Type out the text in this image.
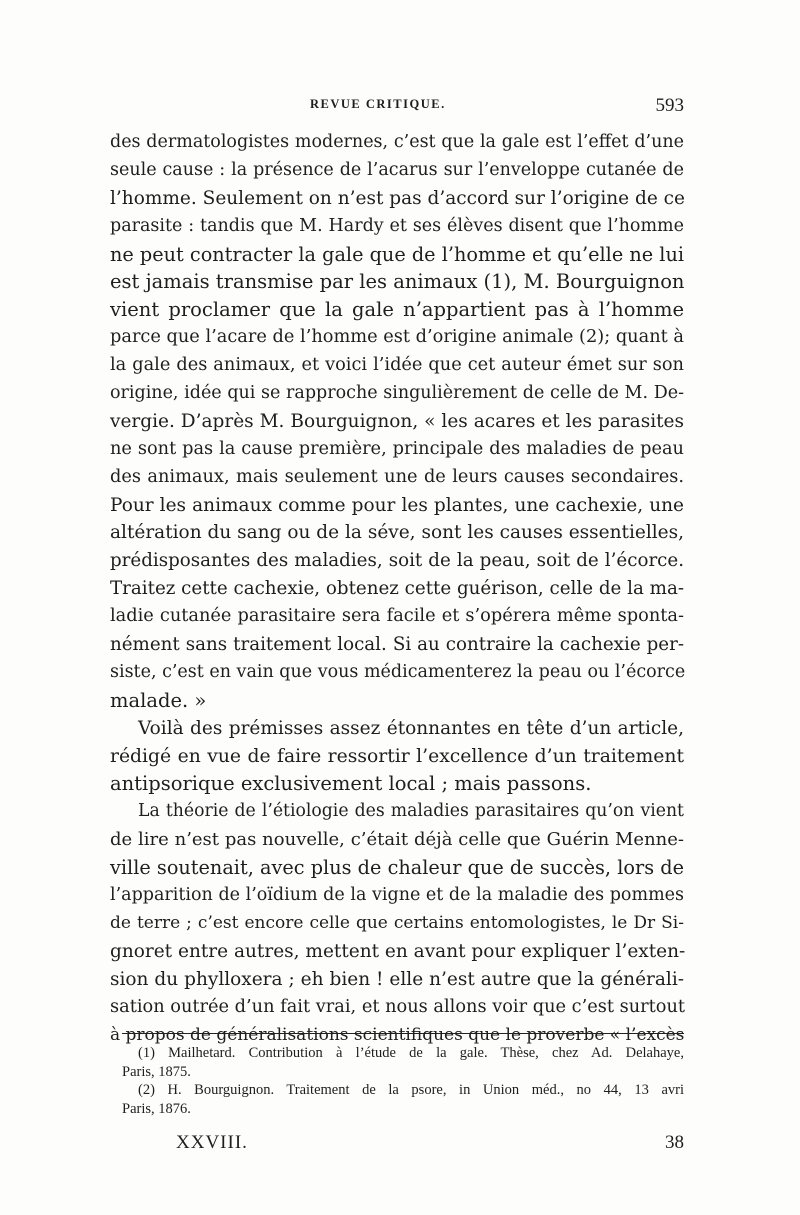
REVUE CRITIQUE.	593
des dermatologistes modernes, c’est que la gale est l’effet d’une
seule cause : la présence de l’acarus sur l’enveloppe cutanée de
l’homme. Seulement on n’est pas d’accord sur l’origine de ce
parasite : tandis que M. Hardy et ses élèves disent que l’homme
ne peut contracter la gale que de l’homme et qu’elle ne lui
est jamais transmise par les animaux (1), M. Bourguignon
vient proclamer que la gale n’appartient pas à l’homme
parce que l’acare de l’homme est d’origine animale (2); quant à
la gale des animaux, et voici l’idée que cet auteur émet sur son
origine, idée qui se rapproche singulièrement de celle de M. De-
vergie. D’après M. Bourguignon, « les acares et les parasites
ne sont pas la cause première, principale des maladies de peau
des animaux, mais seulement une de leurs causes secondaires.
Pour les animaux comme pour les plantes, une cachexie, une
altération du sang ou de la séve, sont les causes essentielles,
prédisposantes des maladies, soit de la peau, soit de l’écorce.
Traitez cette cachexie, obtenez cette guérison, celle de la ma-
ladie cutanée parasitaire sera facile et s’opérera même sponta-
nément sans traitement local. Si au contraire la cachexie per-
siste, c’est en vain que vous médicamenterez la peau ou l’écorce
malade. »
Voilà des prémisses assez étonnantes en tête d’un article,
rédigé en vue de faire ressortir l’excellence d’un traitement
antipsorique exclusivement local ; mais passons.
La théorie de l’étiologie des maladies parasitaires qu’on vient
de lire n’est pas nouvelle, c’était déjà celle que Guérin Menne-
ville soutenait, avec plus de chaleur que de succès, lors de
l’apparition de l’oïdium de la vigne et de la maladie des pommes
de terre ; c’est encore celle que certains entomologistes, le Dr Si-
gnoret entre autres, mettent en avant pour expliquer l’exten-
sion du phylloxera ; eh bien ! elle n’est autre que la générali-
sation outrée d’un fait vrai, et nous allons voir que c’est surtout
à propos de généralisations scientifiques que le proverbe « l’excès
(1) Mailhetard. Contribution à l’étude de la gale. Thèse, chez Ad. Delahaye,
Paris, 1875.
(2) H. Bourguignon. Traitement de la psore, in Union méd., no 44, 13 avri
Paris, 1876.
XXVIII.	38
